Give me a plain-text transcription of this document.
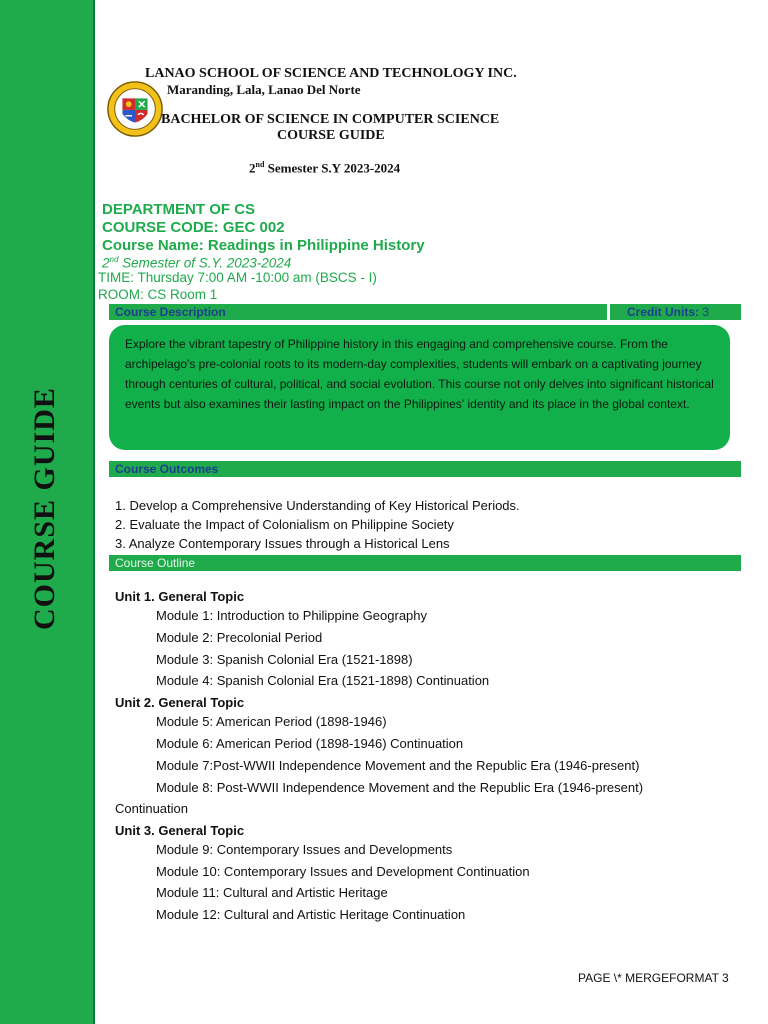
COURSE GUIDE
LANAO SCHOOL OF SCIENCE AND TECHNOLOGY INC.
Maranding, Lala, Lanao Del Norte
BACHELOR OF SCIENCE IN COMPUTER SCIENCE
COURSE GUIDE
2nd Semester S.Y 2023-2024
DEPARTMENT OF CS
COURSE CODE: GEC 002
Course Name: Readings in Philippine History
2nd Semester of S.Y. 2023-2024
TIME: Thursday 7:00 AM -10:00 am (BSCS - I)
ROOM: CS Room 1
Course Description	Credit Units: 3
Explore the vibrant tapestry of Philippine history in this engaging and comprehensive course. From the archipelago's pre-colonial roots to its modern-day complexities, students will embark on a captivating journey through centuries of cultural, political, and social evolution. This course not only delves into significant historical events but also examines their lasting impact on the Philippines' identity and its place in the global context.
Course Outcomes
1. Develop a Comprehensive Understanding of Key Historical Periods.
2. Evaluate the Impact of Colonialism on Philippine Society
3. Analyze Contemporary Issues through a Historical Lens
Course Outline
Unit 1. General Topic
Module 1: Introduction to Philippine Geography
Module 2: Precolonial Period
Module 3: Spanish Colonial Era (1521-1898)
Module 4: Spanish Colonial Era (1521-1898) Continuation
Unit 2. General Topic
Module 5: American Period (1898-1946)
Module 6: American Period (1898-1946) Continuation
Module 7:Post-WWII Independence Movement and the Republic Era (1946-present)
Module 8: Post-WWII Independence Movement and the Republic Era (1946-present)
Continuation
Unit 3. General Topic
Module 9: Contemporary Issues and Developments
Module 10: Contemporary Issues and Development Continuation
Module 11: Cultural and Artistic Heritage
Module 12: Cultural and Artistic Heritage Continuation
PAGE \* MERGEFORMAT 3
